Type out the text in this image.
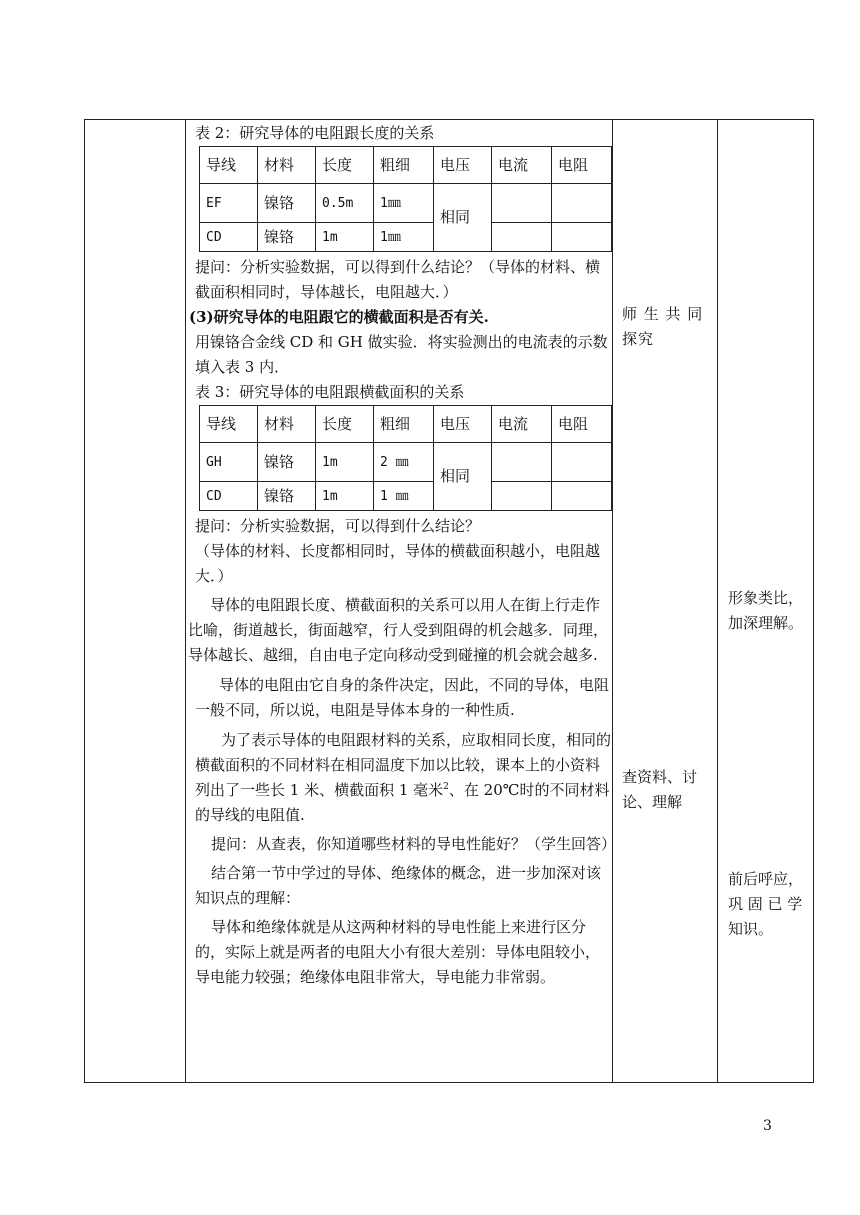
表 2：研究导体的电阻跟长度的关系

导线	材料	长度	粗细	电压	电流	电阻
EF	镍铬	0.5m	1㎜	相同		
CD	镍铬	1m	1㎜			

提问：分析实验数据，可以得到什么结论？（导体的材料、横截面积相同时，导体越长，电阻越大．）

(3)研究导体的电阻跟它的横截面积是否有关.

用镍铬合金线 CD 和 GH 做实验．将实验测出的电流表的示数填入表 3 内．

表 3：研究导体的电阻跟横截面积的关系

导线	材料	长度	粗细	电压	电流	电阻
GH	镍铬	1m	2 ㎜	相同		
CD	镍铬	1m	1 ㎜			

提问：分析实验数据，可以得到什么结论？

（导体的材料、长度都相同时，导体的横截面积越小，电阻越大．）

导体的电阻跟长度、横截面积的关系可以用人在街上行走作比喻，街道越长，街面越窄，行人受到阻碍的机会越多．同理，导体越长、越细，自由电子定向移动受到碰撞的机会就会越多.

导体的电阻由它自身的条件决定，因此，不同的导体，电阻一般不同，所以说，电阻是导体本身的一种性质.

为了表示导体的电阻跟材料的关系，应取相同长度，相同的横截面积的不同材料在相同温度下加以比较，课本上的小资料列出了一些长 1 米、横截面积 1 毫米$^2$、在 20℃时的不同材料的导线的电阻值.

提问：从查表，你知道哪些材料的导电性能好？（学生回答）

结合第一节中学过的导体、绝缘体的概念，进一步加深对该知识点的理解：

导体和绝缘体就是从这两种材料的导电性能上来进行区分的，实际上就是两者的电阻大小有很大差别：导体电阻较小，导电能力较强；绝缘体电阻非常大，导电能力非常弱。

师 生 共 同探究

查资料、讨论、理解

形象类比，加深理解。

前后呼应，巩 固 已 学知识。

3
